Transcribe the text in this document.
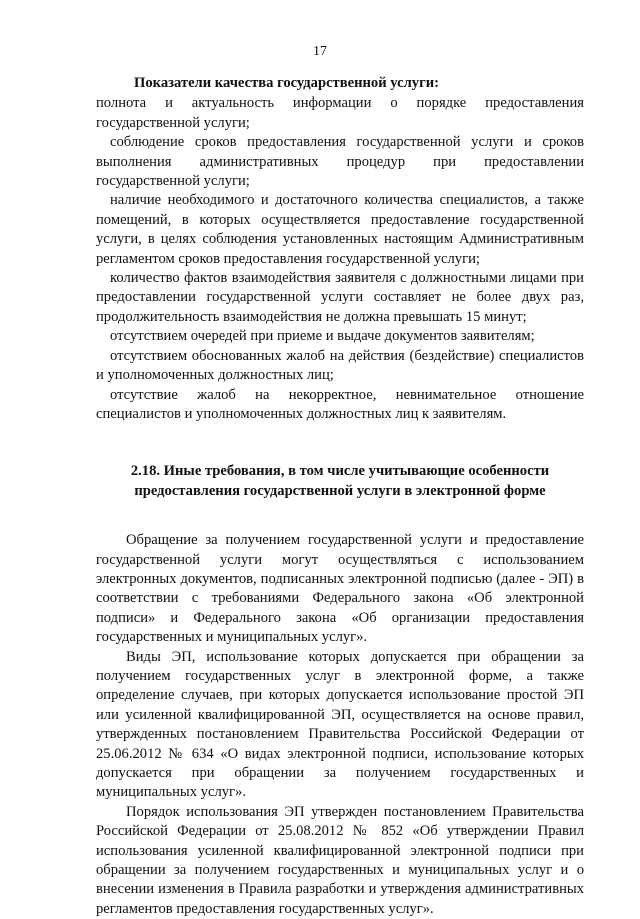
17
Показатели качества государственной услуги:

полнота и актуальность информации о порядке предоставления государственной услуги;

соблюдение сроков предоставления государственной услуги и сроков выполнения административных процедур при предоставлении государственной услуги;

наличие необходимого и достаточного количества специалистов, а также помещений, в которых осуществляется предоставление государственной услуги, в целях соблюдения установленных настоящим Административным регламентом сроков предоставления государственной услуги;

количество фактов взаимодействия заявителя с должностными лицами при предоставлении государственной услуги составляет не более двух раз, продолжительность взаимодействия не должна превышать 15 минут;

отсутствием очередей при приеме и выдаче документов заявителям;

отсутствием обоснованных жалоб на действия (бездействие) специалистов и уполномоченных должностных лиц;

отсутствие жалоб на некорректное, невнимательное отношение специалистов и уполномоченных должностных лиц к заявителям.

2.18. Иные требования, в том числе учитывающие особенности
предоставления государственной услуги в электронной форме

Обращение за получением государственной услуги и предоставление государственной услуги могут осуществляться с использованием электронных документов, подписанных электронной подписью (далее - ЭП) в соответствии с требованиями Федерального закона «Об электронной подписи» и Федерального закона «Об организации предоставления государственных и муниципальных услуг».

Виды ЭП, использование которых допускается при обращении за получением государственных услуг в электронной форме, а также определение случаев, при которых допускается использование простой ЭП или усиленной квалифицированной ЭП, осуществляется на основе правил, утвержденных постановлением Правительства Российской Федерации от 25.06.2012 № 634 «О видах электронной подписи, использование которых допускается при обращении за получением государственных и муниципальных услуг».

Порядок использования ЭП утвержден постановлением Правительства Российской Федерации от 25.08.2012 № 852 «Об утверждении Правил использования усиленной квалифицированной электронной подписи при обращении за получением государственных и муниципальных услуг и о внесении изменения в Правила разработки и утверждения административных регламентов предоставления государственных услуг».
